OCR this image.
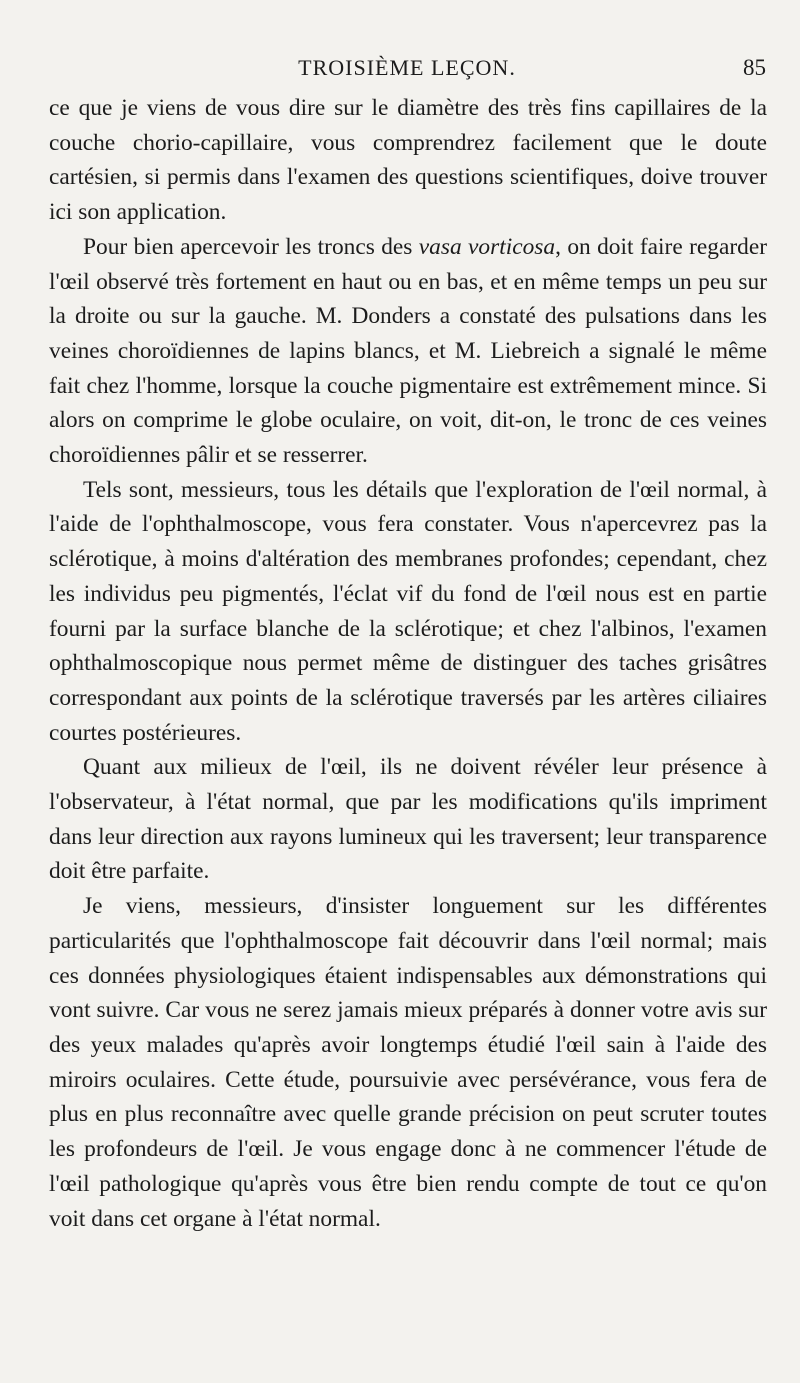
TROISIÈME LEÇON.	85

ce que je viens de vous dire sur le diamètre des très fins capillaires de la couche chorio-capillaire, vous comprendrez facilement que le doute cartésien, si permis dans l'examen des questions scientifiques, doive trouver ici son application.

Pour bien apercevoir les troncs des vasa vorticosa, on doit faire regarder l'œil observé très fortement en haut ou en bas, et en même temps un peu sur la droite ou sur la gauche. M. Donders a constaté des pulsations dans les veines choroïdiennes de lapins blancs, et M. Liebreich a signalé le même fait chez l'homme, lorsque la couche pigmentaire est extrêmement mince. Si alors on comprime le globe oculaire, on voit, dit-on, le tronc de ces veines choroïdiennes pâlir et se resserrer.

Tels sont, messieurs, tous les détails que l'exploration de l'œil normal, à l'aide de l'ophthalmoscope, vous fera constater. Vous n'apercevrez pas la sclérotique, à moins d'altération des membranes profondes; cependant, chez les individus peu pigmentés, l'éclat vif du fond de l'œil nous est en partie fourni par la surface blanche de la sclérotique; et chez l'albinos, l'examen ophthalmoscopique nous permet même de distinguer des taches grisâtres correspondant aux points de la sclérotique traversés par les artères ciliaires courtes postérieures.

Quant aux milieux de l'œil, ils ne doivent révéler leur présence à l'observateur, à l'état normal, que par les modifications qu'ils impriment dans leur direction aux rayons lumineux qui les traversent; leur transparence doit être parfaite.

Je viens, messieurs, d'insister longuement sur les différentes particularités que l'ophthalmoscope fait découvrir dans l'œil normal; mais ces données physiologiques étaient indispensables aux démonstrations qui vont suivre. Car vous ne serez jamais mieux préparés à donner votre avis sur des yeux malades qu'après avoir longtemps étudié l'œil sain à l'aide des miroirs oculaires. Cette étude, poursuivie avec persévérance, vous fera de plus en plus reconnaître avec quelle grande précision on peut scruter toutes les profondeurs de l'œil. Je vous engage donc à ne commencer l'étude de l'œil pathologique qu'après vous être bien rendu compte de tout ce qu'on voit dans cet organe à l'état normal.
